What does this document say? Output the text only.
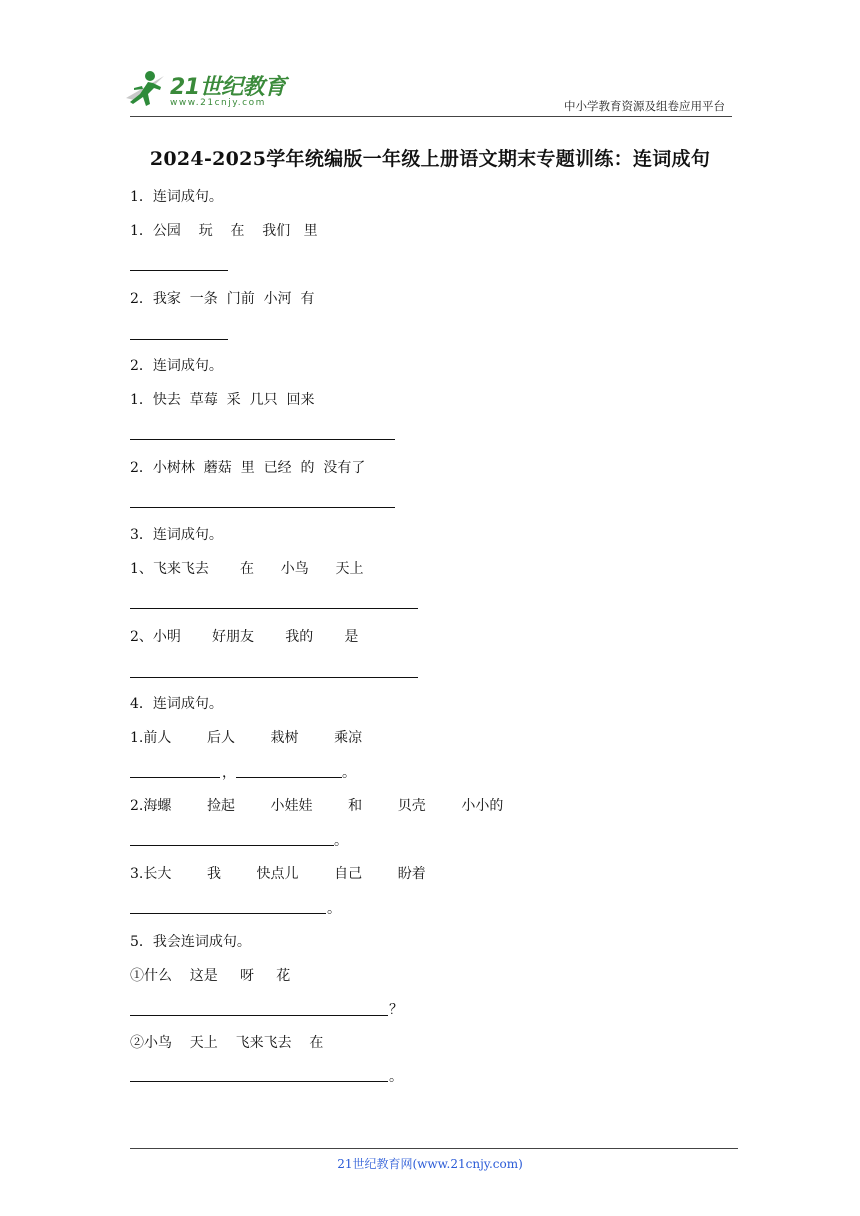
21世纪教育
www.21cnjy.com	中小学教育资源及组卷应用平台
2024-2025学年统编版一年级上册语文期末专题训练：连词成句
1．连词成句。
1．公园    玩    在    我们   里
2．我家  一条  门前  小河  有
2．连词成句。
1．快去  草莓  采  几只  回来
2．小树林  蘑菇  里  已经  的  没有了
3．连词成句。
1、飞来飞去       在      小鸟      天上
2、小明       好朋友       我的       是
4．连词成句。
1.前人        后人        栽树        乘凉
，	。
2.海螺        捡起        小娃娃        和        贝壳        小小的
。
3.长大        我        快点儿        自己        盼着
。
5．我会连词成句。
①什么    这是     呀     花
？
②小鸟    天上    飞来飞去    在
。
21世纪教育网(www.21cnjy.com)
